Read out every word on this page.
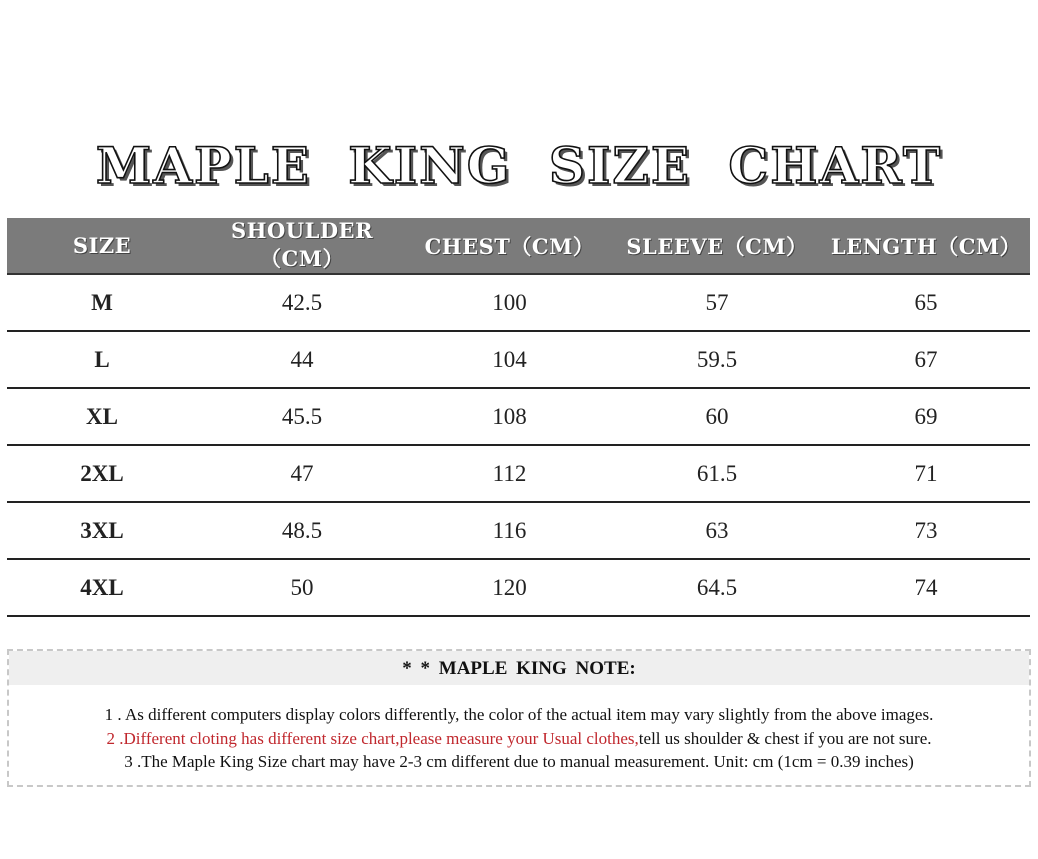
MAPLE KING SIZE CHART
SIZE	SHOULDER（CM）	CHEST（CM）	SLEEVE（CM）	LENGTH（CM）
M	42.5	100	57	65
L	44	104	59.5	67
XL	45.5	108	60	69
2XL	47	112	61.5	71
3XL	48.5	116	63	73
4XL	50	120	64.5	74
* * MAPLE KING NOTE:
1 . As different computers display colors differently, the color of the actual item may vary slightly from the above images.
2 .Different cloting has different size chart,please measure your Usual clothes,tell us shoulder & chest if you are not sure.
3 .The Maple King Size chart may have 2-3 cm different due to manual measurement. Unit: cm (1cm = 0.39 inches)
